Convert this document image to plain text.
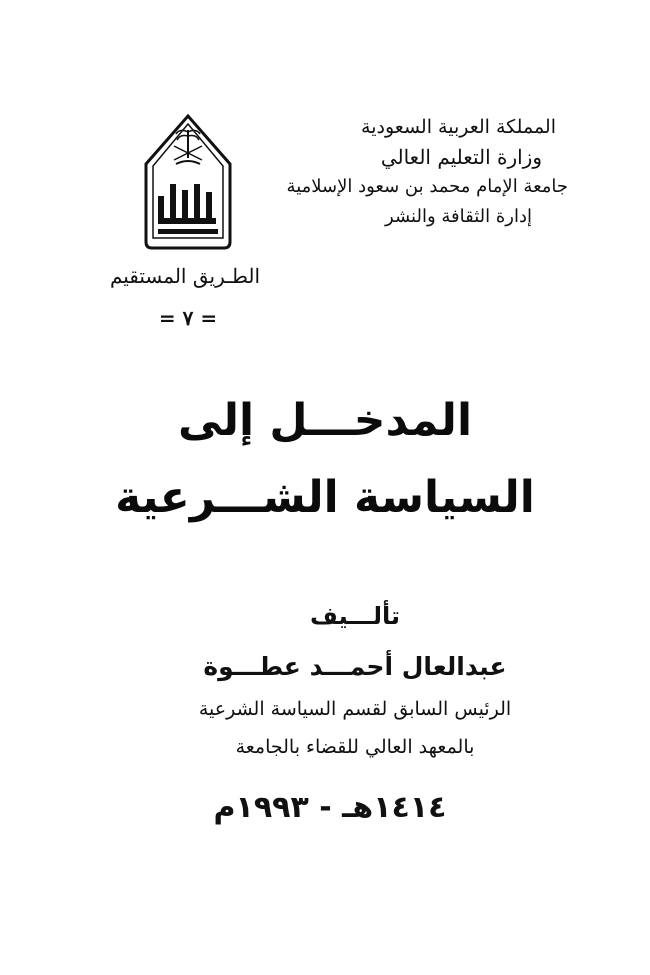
المملكة العربية السعودية
وزارة التعليم العالي
جامعة الإمام محمد بن سعود الإسلامية
إدارة الثقافة والنشر
الطـريق المستقيم
= ٧ =
المدخـــل إلى
السياسة الشـــرعية
تألـــيف
عبدالعال أحمـــد عطـــوة
الرئيس السابق لقسم السياسة الشرعية
بالمعهد العالي للقضاء بالجامعة
١٤١٤هـ - ١٩٩٣م
